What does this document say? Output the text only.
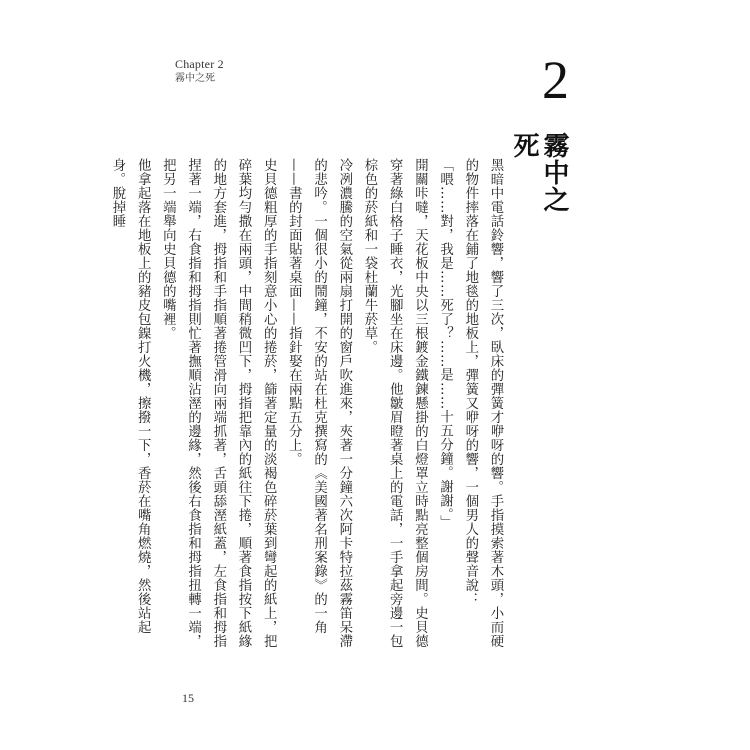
Chapter 2
霧中之死	2
霧中之死

黑暗中電話鈴響，響了三次，臥床的彈簧才咿呀的響。手指摸索著木頭，小而硬的物件摔落在鋪了地毯的地板上，彈簧又咿呀的響，一個男人的聲音說：

「喂……對，我是……死了？……是……十五分鐘。謝謝。」

開關咔噠，天花板中央以三根鍍金鐵鍊懸掛的白燈罩立時點亮整個房間。史貝德穿著綠白格子睡衣，光腳坐在床邊。他皺眉瞪著桌上的電話，一手拿起旁邊一包棕色的菸紙和一袋杜蘭牛菸草。

冷冽濃騰的空氣從兩扇打開的窗戶吹進來，夾著一分鐘六次阿卡特拉茲霧笛呆滯的悲吟。一個很小的鬧鐘，不安的站在杜克撰寫的《美國著名刑案錄》的一角——書的封面貼著桌面——指針娶在兩點五分上。

史貝德粗厚的手指刻意小心的捲菸，篩著定量的淡褐色碎菸葉到彎起的紙上，把碎葉均勻撒在兩頭，中間稍微凹下，拇指把靠內的紙往下捲，順著食指按下紙緣的地方套進，拇指和手指順著捲管滑向兩端抓著，舌頭舔溼紙蓋，左食指和拇指捏著一端，右食指和拇指則忙著撫順沾溼的邊緣，然後右食指和拇指扭轉一端，把另一端舉向史貝德的嘴裡。

他拿起落在地板上的豬皮包鎳打火機，擦撥一下，香菸在嘴角燃燒，然後站起身。脫掉睡

15
